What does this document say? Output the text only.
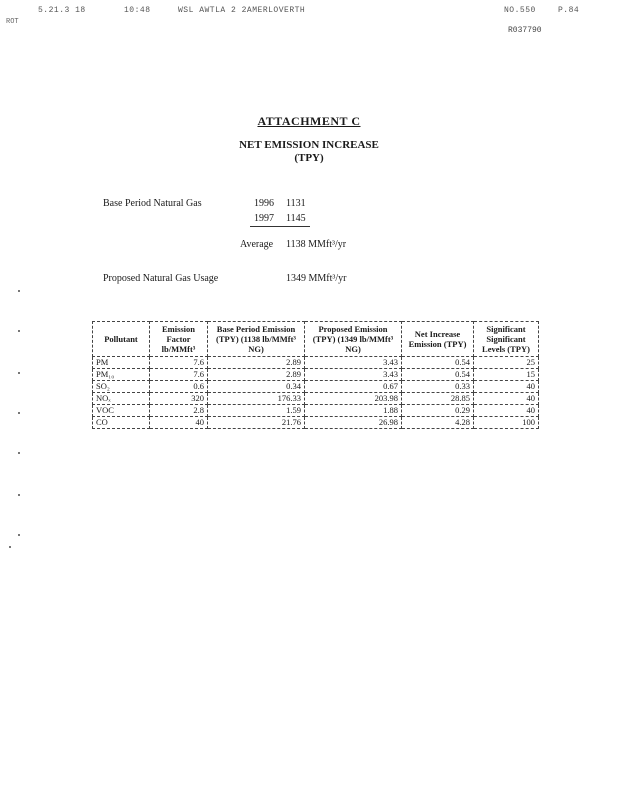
5.21.3 18	10:48	WSL AWTLA 2 2AMERLOVERTH	NO.550	P.84
ROT
R037790
ATTACHMENT C
NET EMISSION INCREASE
(TPY)
Base Period Natural Gas	1996 1131
1997 1145
Average 1138 MMft³/yr
Proposed Natural Gas Usage	1349 MMft³/yr
Pollutant	Emission Factor lb/MMft³	Base Period Emission (TPY) (1138 lb/MMft³ NG)	Proposed Emission (TPY) (1349 lb/MMft³ NG)	Net Increase Emission (TPY)	Significant Significant Levels (TPY)
PM	7.6	2.89	3.43	0.54	25
PM₁₀	7.6	2.89	3.43	0.54	15
SO₂	0.6	0.34	0.67	0.33	40
NOₓ	320	176.33	203.98	28.85	40
VOC	2.8	1.59	1.88	0.29	40
CO	40	21.76	26.98	4.28	100
